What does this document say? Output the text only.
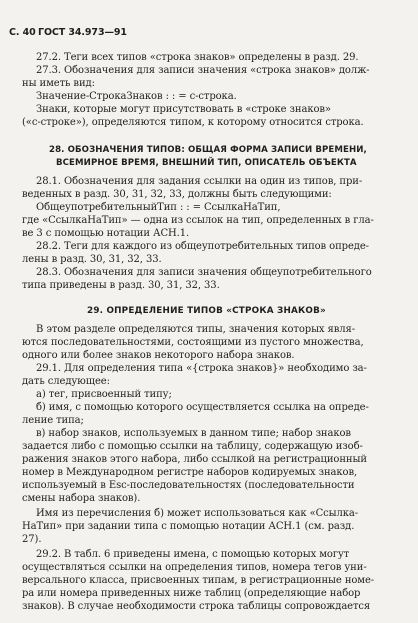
С. 40 ГОСТ 34.973—91
27.2. Теги всех типов «строка знаков» определены в разд. 29.
27.3. Обозначения для записи значения «строка знаков» долж-
ны иметь вид:
Значение-СтрокаЗнаков : : = с-строка.
Знаки, которые могут присутствовать в «строке знаков»
(«с-строке»), определяются типом, к которому относится строка.
28. ОБОЗНАЧЕНИЯ ТИПОВ: ОБЩАЯ ФОРМА ЗАПИСИ ВРЕМЕНИ,
ВСЕМИРНОЕ ВРЕМЯ, ВНЕШНИЙ ТИП, ОПИСАТЕЛЬ ОБЪЕКТА
28.1. Обозначения для задания ссылки на один из типов, при-
веденных в разд. 30, 31, 32, 33, должны быть следующими:
ОбщеупотребительныйТип : : = СсылкаНаТип,
где «СсылкаНаТип» — одна из ссылок на тип, определенных в гла-
ве 3 с помощью нотации АСН.1.
28.2. Теги для каждого из общеупотребительных типов опреде-
лены в разд. 30, 31, 32, 33.
28.3. Обозначения для записи значения общеупотребительного
типа приведены в разд. 30, 31, 32, 33.
29. ОПРЕДЕЛЕНИЕ ТИПОВ «СТРОКА ЗНАКОВ»
В этом разделе определяются типы, значения которых явля-
ются последовательностями, состоящими из пустого множества,
одного или более знаков некоторого набора знаков.
29.1. Для определения типа «{строка знаков}» необходимо за-
дать следующее:
а) тег, присвоенный типу;
б) имя, с помощью которого осуществляется ссылка на опреде-
ление типа;
в) набор знаков, используемых в данном типе; набор знаков
задается либо с помощью ссылки на таблицу, содержащую изоб-
ражения знаков этого набора, либо ссылкой на регистрационный
номер в Международном регистре наборов кодируемых знаков,
используемый в Esc-последовательностях (последовательности
смены набора знаков).
Имя из перечисления б) может использоваться как «Ссылка-
НаТип» при задании типа с помощью нотации АСН.1 (см. разд.
27).
29.2. В табл. 6 приведены имена, с помощью которых могут
осуществляться ссылки на определения типов, номера тегов уни-
версального класса, присвоенных типам, в регистрационные номе-
ра или номера приведенных ниже таблиц (определяющие набор
знаков). В случае необходимости строка таблицы сопровождается
